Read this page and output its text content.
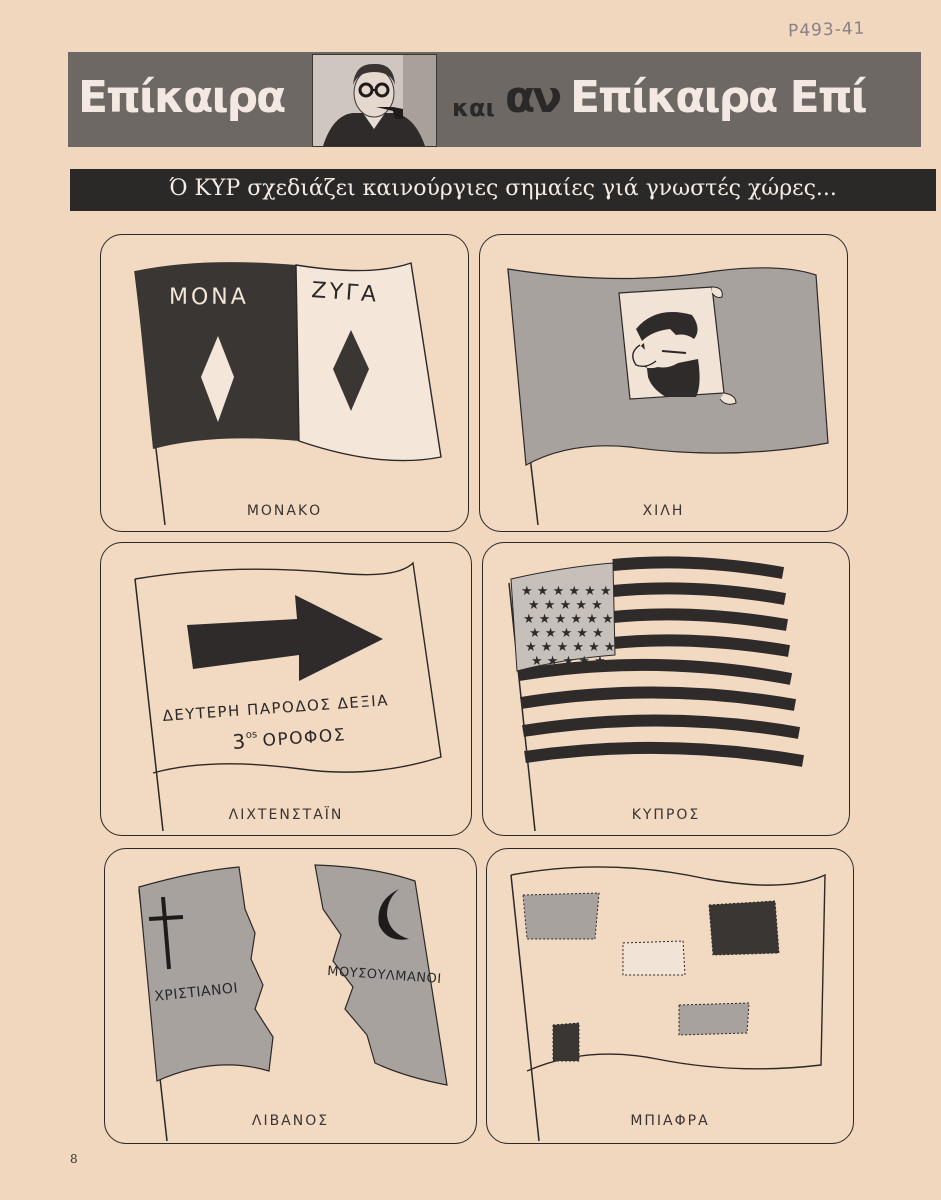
Ρ493-41
Επίκαιρα	και αν Επίκαιρα Επί
Ό ΚΥΡ σχεδιάζει καινούργιες σημαίες γιά γνωστές χώρες...
ΜΟΝΑ	ΖΥΓΑ
ΜΟΝΑΚΟ	ΧΙΛΗ
ΔΕΥΤΕΡΗ ΠΑΡΟΔΟΣ ΔΕΞΙΑ
3 os ΟΡΟΦΟΣ
ΛΙΧΤΕΝΣΤΑΪΝ
★ ★ ★ ★ ★ ★
★ ★ ★ ★ ★
★ ★ ★ ★ ★ ★
★ ★ ★ ★ ★
★ ★ ★ ★ ★ ★
★ ★ ★ ★ ★
ΚΥΠΡΟΣ
ΧΡΙΣΤΙΑΝΟΙ
ΜΟΥΣΟΥΛΜΑΝΟΙ
ΛΙΒΑΝΟΣ	ΜΠΙΑΦΡΑ
8
